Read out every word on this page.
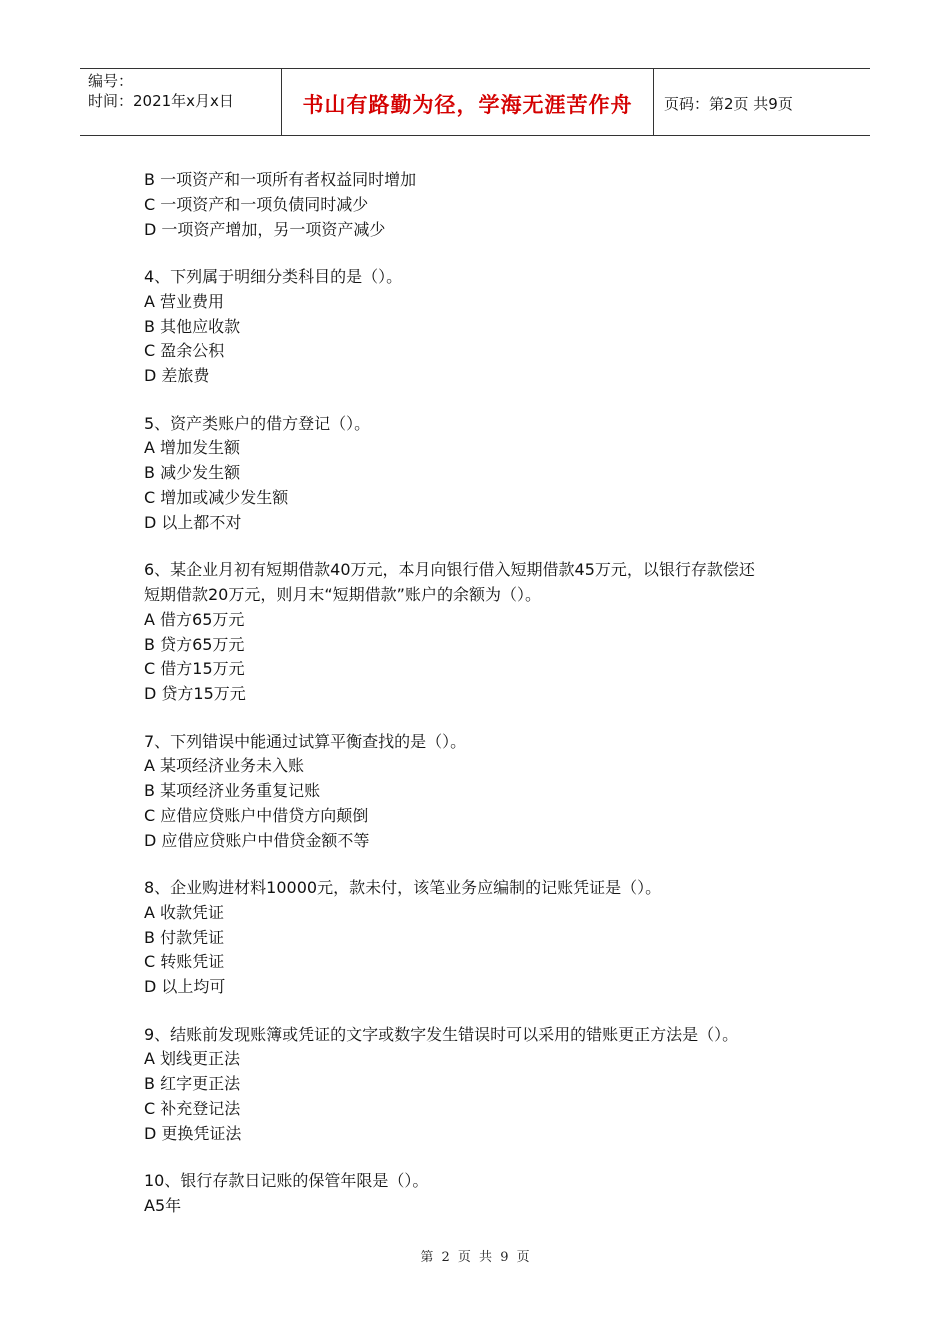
编号：
时间：2021年x月x日	书山有路勤为径，学海无涯苦作舟	页码：第2页 共9页
B 一项资产和一项所有者权益同时增加
C 一项资产和一项负债同时减少
D 一项资产增加，另一项资产减少
4、下列属于明细分类科目的是（）。
A 营业费用
B 其他应收款
C 盈余公积
D 差旅费
5、资产类账户的借方登记（）。
A 增加发生额
B 减少发生额
C 增加或减少发生额
D 以上都不对
6、某企业月初有短期借款40万元，本月向银行借入短期借款45万元，以银行存款偿还
短期借款20万元，则月末“短期借款”账户的余额为（）。
A 借方65万元
B 贷方65万元
C 借方15万元
D 贷方15万元
7、下列错误中能通过试算平衡查找的是（）。
A 某项经济业务未入账
B 某项经济业务重复记账
C 应借应贷账户中借贷方向颠倒
D 应借应贷账户中借贷金额不等
8、企业购进材料10000元，款未付，该笔业务应编制的记账凭证是（）。
A 收款凭证
B 付款凭证
C 转账凭证
D 以上均可
9、结账前发现账簿或凭证的文字或数字发生错误时可以采用的错账更正方法是（）。
A 划线更正法
B 红字更正法
C 补充登记法
D 更换凭证法
10、银行存款日记账的保管年限是（）。
A5年
第 2 页 共 9 页
